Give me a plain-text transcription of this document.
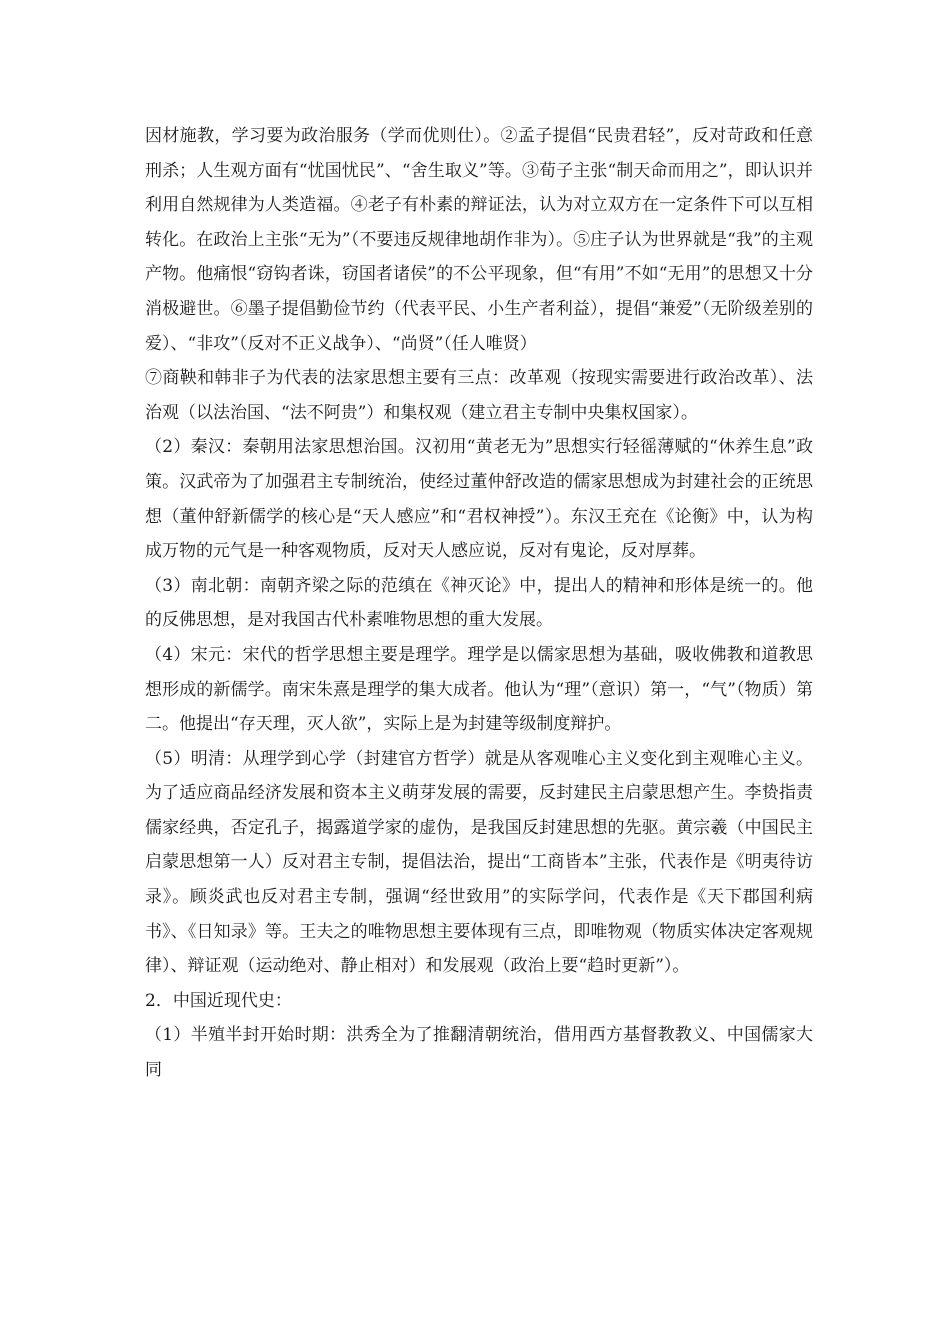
因材施教，学习要为政治服务（学而优则仕）。②孟子提倡“民贵君轻”，反对苛政和任意刑杀；人生观方面有“忧国忧民”、“舍生取义”等。③荀子主张“制天命而用之”，即认识并利用自然规律为人类造福。④老子有朴素的辩证法，认为对立双方在一定条件下可以互相转化。在政治上主张“无为”（不要违反规律地胡作非为）。⑤庄子认为世界就是“我”的主观产物。他痛恨“窃钩者诛，窃国者诸侯”的不公平现象，但“有用”不如“无用”的思想又十分消极避世。⑥墨子提倡勤俭节约（代表平民、小生产者利益），提倡“兼爱”（无阶级差别的爱）、“非攻”（反对不正义战争）、“尚贤”（任人唯贤）

⑦商鞅和韩非子为代表的法家思想主要有三点：改革观（按现实需要进行政治改革）、法治观（以法治国、“法不阿贵”）和集权观（建立君主专制中央集权国家）。

（2）秦汉：秦朝用法家思想治国。汉初用“黄老无为”思想实行轻徭薄赋的“休养生息”政策。汉武帝为了加强君主专制统治，使经过董仲舒改造的儒家思想成为封建社会的正统思想（董仲舒新儒学的核心是“天人感应”和“君权神授”）。东汉王充在《论衡》中，认为构成万物的元气是一种客观物质，反对天人感应说，反对有鬼论，反对厚葬。

（3）南北朝：南朝齐梁之际的范缜在《神灭论》中，提出人的精神和形体是统一的。他的反佛思想，是对我国古代朴素唯物思想的重大发展。

（4）宋元：宋代的哲学思想主要是理学。理学是以儒家思想为基础，吸收佛教和道教思想形成的新儒学。南宋朱熹是理学的集大成者。他认为“理”（意识）第一，“气”（物质）第二。他提出“存天理，灭人欲”，实际上是为封建等级制度辩护。

（5）明清：从理学到心学（封建官方哲学）就是从客观唯心主义变化到主观唯心主义。为了适应商品经济发展和资本主义萌芽发展的需要，反封建民主启蒙思想产生。李贽指责儒家经典，否定孔子，揭露道学家的虚伪，是我国反封建思想的先驱。黄宗羲（中国民主启蒙思想第一人）反对君主专制，提倡法治，提出“工商皆本”主张，代表作是《明夷待访录》。顾炎武也反对君主专制，强调“经世致用”的实际学问，代表作是《天下郡国利病书》、《日知录》等。王夫之的唯物思想主要体现有三点，即唯物观（物质实体决定客观规律）、辩证观（运动绝对、静止相对）和发展观（政治上要“趋时更新”）。

2．中国近现代史：

（1）半殖半封开始时期：洪秀全为了推翻清朝统治，借用西方基督教教义、中国儒家大同
